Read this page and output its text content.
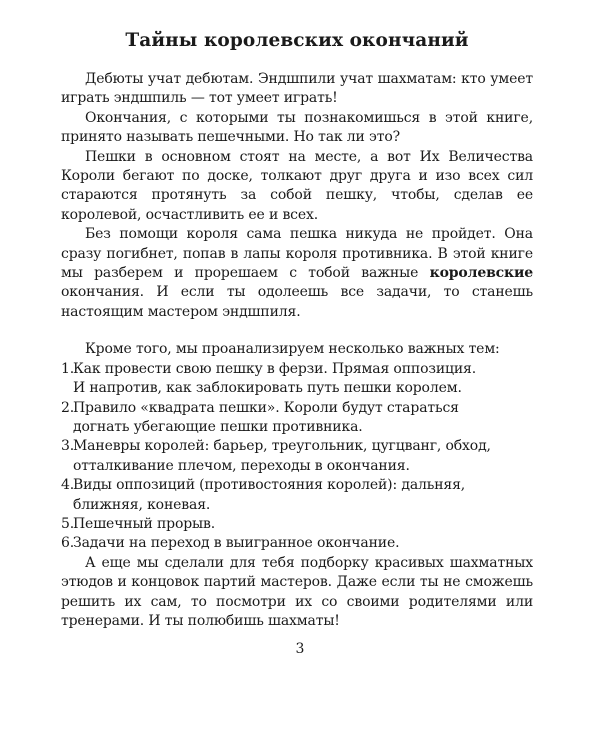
Тайны королевских окончаний

Дебюты учат дебютам. Эндшпили учат шахматам: кто умеет играть эндшпиль — тот умеет играть!

Окончания, с которыми ты познакомишься в этой книге, принято называть пешечными. Но так ли это?

Пешки в основном стоят на месте, а вот Их Величества Короли бегают по доске, толкают друг друга и изо всех сил стараются протянуть за собой пешку, чтобы, сделав ее королевой, осчастливить ее и всех.

Без помощи короля сама пешка никуда не пройдет. Она сразу погибнет, попав в лапы короля противника. В этой книге мы разберем и прорешаем с тобой важные королевские окончания. И если ты одолеешь все задачи, то станешь настоящим мастером эндшпиля.

Кроме того, мы проанализируем несколько важных тем:

1.Как провести свою пешку в ферзи. Прямая оппозиция.
И напротив, как заблокировать путь пешки королем.
2.Правило «квадрата пешки». Короли будут стараться
догнать убегающие пешки противника.
3.Маневры королей: барьер, треугольник, цугцванг, обход,
отталкивание плечом, переходы в окончания.
4.Виды оппозиций (противостояния королей): дальняя,
ближняя, коневая.
5.Пешечный прорыв.
6.Задачи на переход в выигранное окончание.

А еще мы сделали для тебя подборку красивых шахматных этюдов и концовок партий мастеров. Даже если ты не сможешь решить их сам, то посмотри их со своими родителями или тренерами. И ты полюбишь шахматы!

3
